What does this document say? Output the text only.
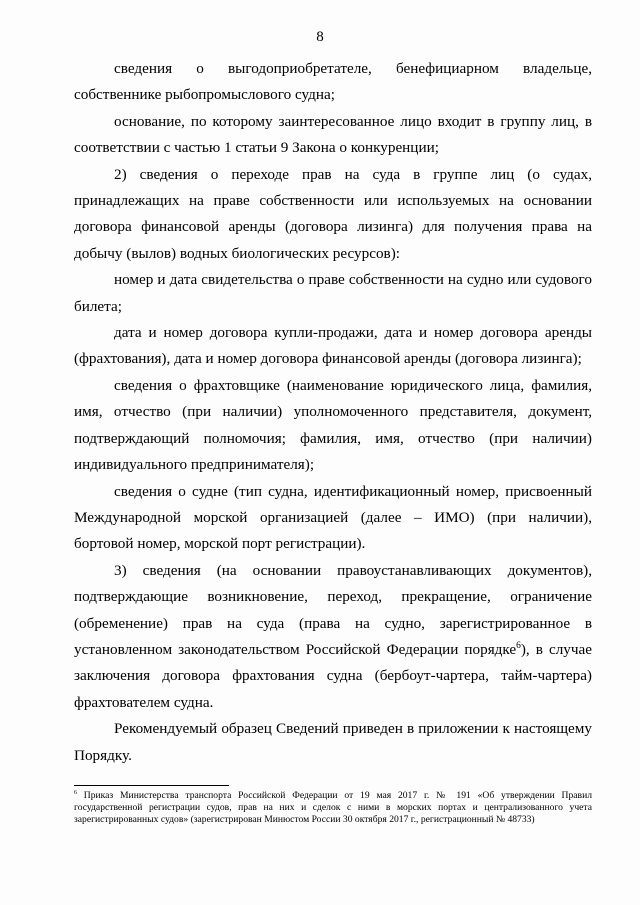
8

сведения о выгодоприобретателе, бенефициарном владельце, собственнике рыбопромыслового судна;

основание, по которому заинтересованное лицо входит в группу лиц, в соответствии с частью 1 статьи 9 Закона о конкуренции;

2) сведения о переходе прав на суда в группе лиц (о судах, принадлежащих на праве собственности или используемых на основании договора финансовой аренды (договора лизинга) для получения права на добычу (вылов) водных биологических ресурсов):

номер и дата свидетельства о праве собственности на судно или судового билета;

дата и номер договора купли-продажи, дата и номер договора аренды (фрахтования), дата и номер договора финансовой аренды (договора лизинга);

сведения о фрахтовщике (наименование юридического лица, фамилия, имя, отчество (при наличии) уполномоченного представителя, документ, подтверждающий полномочия; фамилия, имя, отчество (при наличии) индивидуального предпринимателя);

сведения о судне (тип судна, идентификационный номер, присвоенный Международной морской организацией (далее – ИМО) (при наличии), бортовой номер, морской порт регистрации).

3) сведения (на основании правоустанавливающих документов), подтверждающие возникновение, переход, прекращение, ограничение (обременение) прав на суда (права на судно, зарегистрированное в установленном законодательством Российской Федерации порядке$^6$), в случае заключения договора фрахтования судна (бербоут-чартера, тайм-чартера) фрахтователем судна.

Рекомендуемый образец Сведений приведен в приложении к настоящему Порядку.

$^6$ Приказ Министерства транспорта Российской Федерации от 19 мая 2017 г. № 191 «Об утверждении Правил государственной регистрации судов, прав на них и сделок с ними в морских портах и централизованного учета зарегистрированных судов» (зарегистрирован Минюстом России 30 октября 2017 г., регистрационный № 48733)
